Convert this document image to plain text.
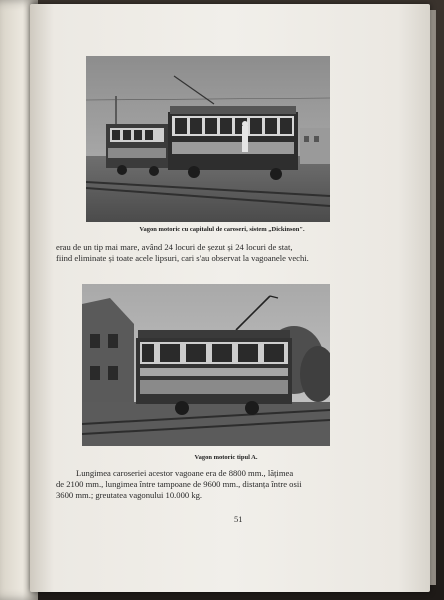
Vagon motoric cu capitalul de caroseri, sistem „Dickinson".
erau de un tip mai mare, având 24 locuri de șezut și 24 locuri de stat,
fiind eliminate și toate acele lipsuri, cari s'au observat la vagoanele vechi.
Vagon motoric tipul A.
Lungimea caroseriei acestor vagoane era de 8800 mm., lățimea
de 2100 mm., lungimea între tampoane de 9600 mm., distanța între osii
3600 mm.; greutatea vagonului 10.000 kg.
51
